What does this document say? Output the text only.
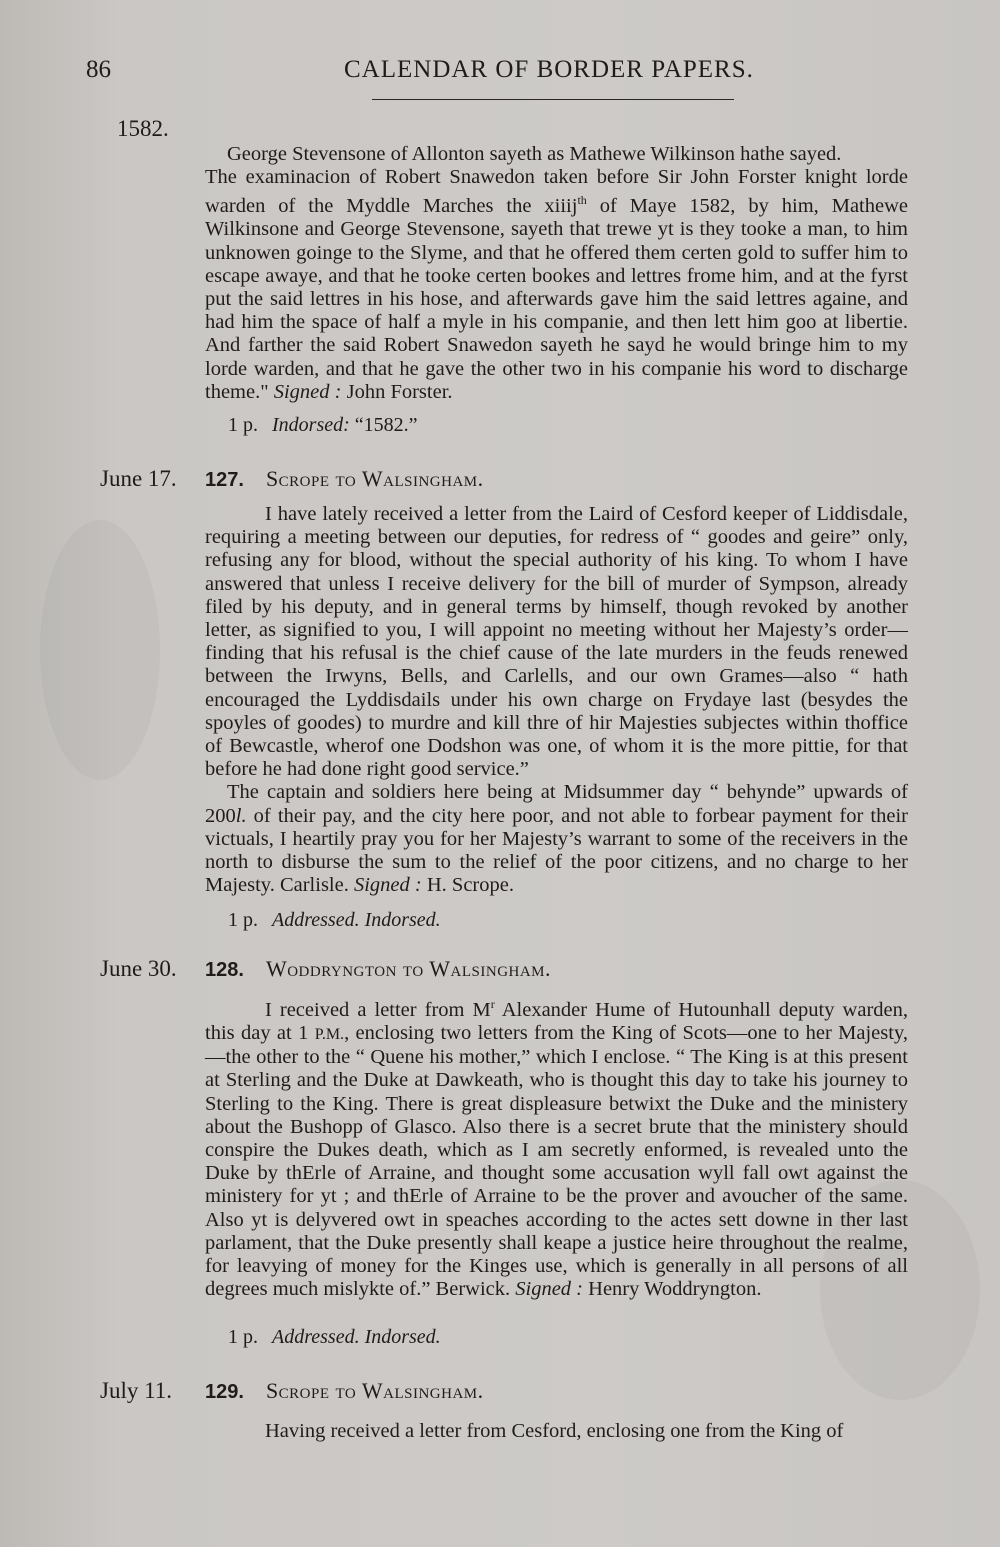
86	CALENDAR OF BORDER PAPERS.
1582.

George Stevensone of Allonton sayeth as Mathewe Wilkinson hathe sayed.

The examinacion of Robert Snawedon taken before Sir John Forster knight lorde warden of the Myddle Marches the xiiij$^{th}$ of Maye 1582, by him, Mathewe Wilkinsone and George Stevensone, sayeth that trewe yt is they tooke a man, to him unknowen goinge to the Slyme, and that he offered them certen gold to suffer him to escape awaye, and that he tooke certen bookes and lettres frome him, and at the fyrst put the said lettres in his hose, and afterwards gave him the said lettres againe, and had him the space of half a myle in his companie, and then lett him goo at libertie. And farther the said Robert Snawedon sayeth he sayd he would bringe him to my lorde warden, and that he gave the other two in his companie his word to discharge theme." Signed : John Forster.

1 p. Indorsed: “1582.”
June 17. 127. Scrope to Walsingham.

I have lately received a letter from the Laird of Cesford keeper of Liddisdale, requiring a meeting between our deputies, for redress of “ goodes and geire” only, refusing any for blood, without the special authority of his king. To whom I have answered that unless I receive delivery for the bill of murder of Sympson, already filed by his deputy, and in general terms by himself, though revoked by another letter, as signified to you, I will appoint no meeting without her Majesty’s order—finding that his refusal is the chief cause of the late murders in the feuds renewed between the Irwyns, Bells, and Carlells, and our own Grames—also “ hath encouraged the Lyddisdails under his own charge on Frydaye last (besydes the spoyles of goodes) to murdre and kill thre of hir Majesties subjectes within thoffice of Bewcastle, wherof one Dodshon was one, of whom it is the more pittie, for that before he had done right good service.”

The captain and soldiers here being at Midsummer day “ behynde” upwards of 200l. of their pay, and the city here poor, and not able to forbear payment for their victuals, I heartily pray you for her Majesty’s warrant to some of the receivers in the north to disburse the sum to the relief of the poor citizens, and no charge to her Majesty. Carlisle. Signed : H. Scrope.

1 p. Addressed. Indorsed.
June 30. 128. Woddryngton to Walsingham.

I received a letter from $M^r$ Alexander Hume of Hutounhall deputy warden, this day at 1 P.M., enclosing two letters from the King of Scots—one to her Majesty,—the other to the “ Quene his mother,” which I enclose. “ The King is at this present at Sterling and the Duke at Dawkeath, who is thought this day to take his journey to Sterling to the King. There is great displeasure betwixt the Duke and the ministery about the Bushopp of Glasco. Also there is a secret brute that the ministery should conspire the Dukes death, which as I am secretly enformed, is revealed unto the Duke by thErle of Arraine, and thought some accusation wyll fall owt against the ministery for yt ; and thErle of Arraine to be the prover and avoucher of the same. Also yt is delyvered owt in speaches according to the actes sett downe in ther last parlament, that the Duke presently shall keape a justice heire throughout the realme, for leavying of money for the Kinges use, which is generally in all persons of all degrees much mislykte of.” Berwick. Signed : Henry Woddryngton.

1 p. Addressed. Indorsed.
July 11. 129. Scrope to Walsingham.

Having received a letter from Cesford, enclosing one from the King of
